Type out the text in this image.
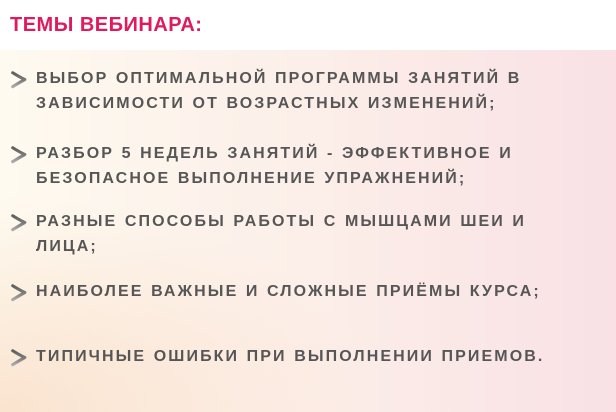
ТЕМЫ ВЕБИНАРА:
ВЫБОР ОПТИМАЛЬНОЙ ПРОГРАММЫ ЗАНЯТИЙ В
ЗАВИСИМОСТИ ОТ ВОЗРАСТНЫХ ИЗМЕНЕНИЙ;
РАЗБОР 5 НЕДЕЛЬ ЗАНЯТИЙ - ЭФФЕКТИВНОЕ И
БЕЗОПАСНОЕ ВЫПОЛНЕНИЕ УПРАЖНЕНИЙ;
РАЗНЫЕ СПОСОБЫ РАБОТЫ С МЫШЦАМИ ШЕИ И
ЛИЦА;
НАИБОЛЕЕ ВАЖНЫЕ И СЛОЖНЫЕ ПРИЁМЫ КУРСА;
ТИПИЧНЫЕ ОШИБКИ ПРИ ВЫПОЛНЕНИИ ПРИЕМОВ.
